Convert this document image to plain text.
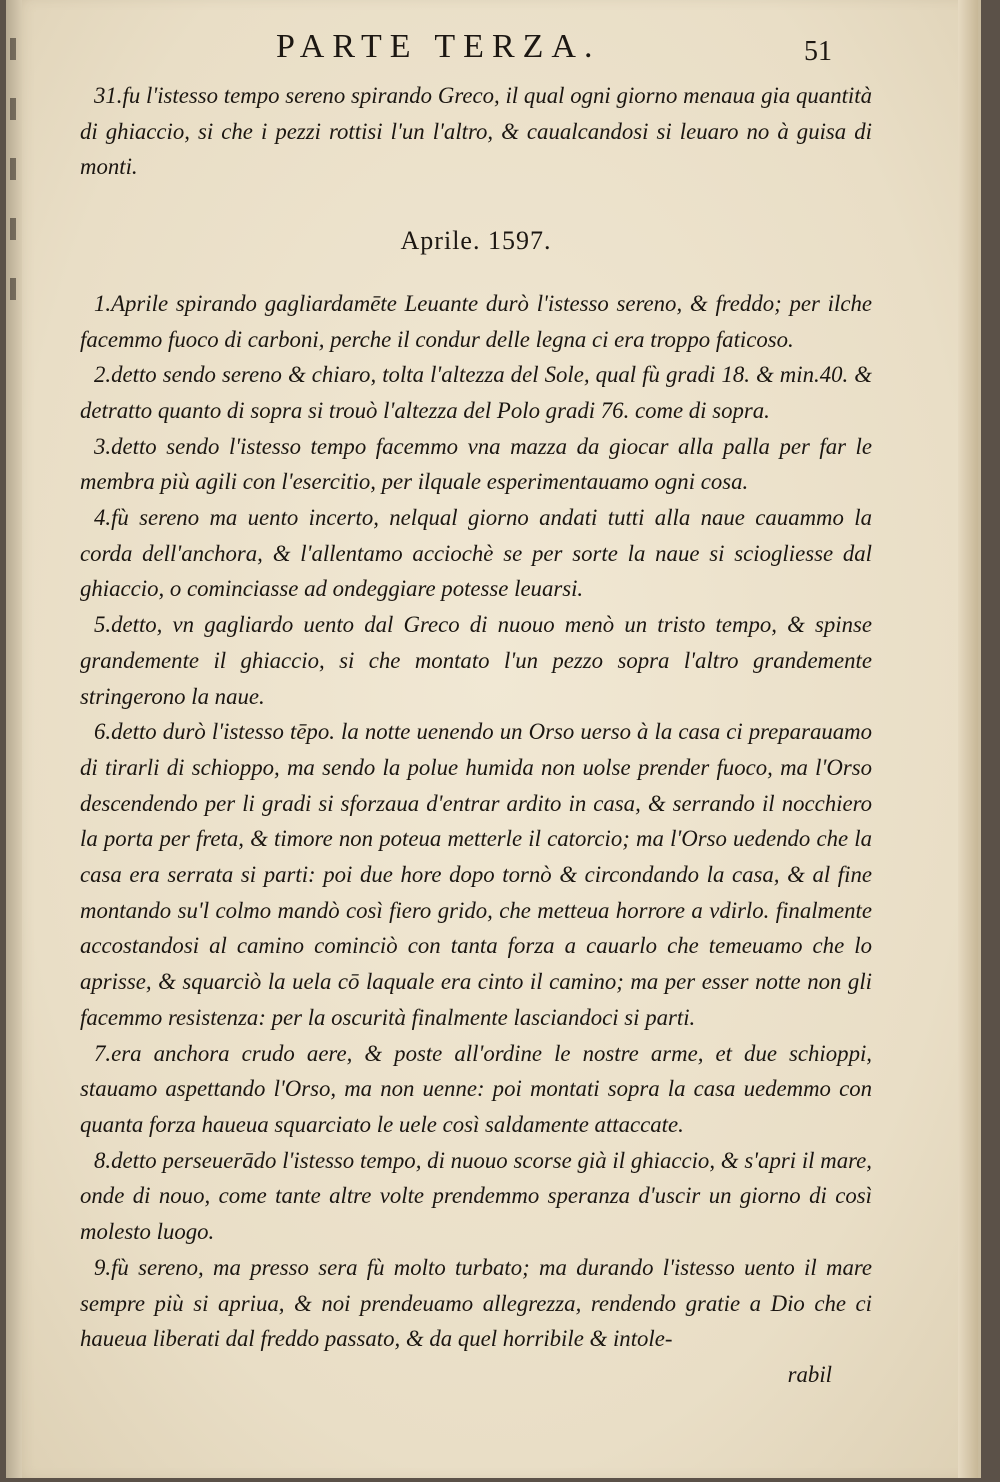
PARTE TERZA.	51

31.fu l'istesso tempo sereno spirando Greco, il qual ogni giorno menaua gia quantità di ghiaccio, si che i pezzi rottisi l'un l'altro, & caualcandosi si leuaro no à guisa di monti.

Aprile. 1597.

1.Aprile spirando gagliardamēte Leuante durò l'istesso sereno, & freddo; per ilche facemmo fuoco di carboni, perche il condur delle legna ci era troppo faticoso.

2.detto sendo sereno & chiaro, tolta l'altezza del Sole, qual fù gradi 18. & min.40. & detratto quanto di sopra si trouò l'altezza del Polo gradi 76. come di sopra.

3.detto sendo l'istesso tempo facemmo vna mazza da giocar alla palla per far le membra più agili con l'esercitio, per ilquale esperimentauamo ogni cosa.

4.fù sereno ma uento incerto, nelqual giorno andati tutti alla naue cauammo la corda dell'anchora, & l'allentamo acciochè se per sorte la naue si sciogliesse dal ghiaccio, o cominciasse ad ondeggiare potesse leuarsi.

5.detto, vn gagliardo uento dal Greco di nuouo menò un tristo tempo, & spinse grandemente il ghiaccio, si che montato l'un pezzo sopra l'altro grandemente stringerono la naue.

6.detto durò l'istesso tēpo. la notte uenendo un Orso uerso à la casa ci preparauamo di tirarli di schioppo, ma sendo la polue humida non uolse prender fuoco, ma l'Orso descendendo per li gradi si sforzaua d'entrar ardito in casa, & serrando il nocchiero la porta per freta, & timore non poteua metterle il catorcio; ma l'Orso uedendo che la casa era serrata si parti: poi due hore dopo tornò & circondando la casa, & al fine montando su'l colmo mandò così fiero grido, che metteua horrore a vdirlo. finalmente accostandosi al camino cominciò con tanta forza a cauarlo che temeuamo che lo aprisse, & squarciò la uela cō laquale era cinto il camino; ma per esser notte non gli facemmo resistenza: per la oscurità finalmente lasciandoci si parti.

7.era anchora crudo aere, & poste all'ordine le nostre arme, et due schioppi, stauamo aspettando l'Orso, ma non uenne: poi montati sopra la casa uedemmo con quanta forza haueua squarciato le uele così saldamente attaccate.

8.detto perseuerādo l'istesso tempo, di nuouo scorse già il ghiaccio, & s'apri il mare, onde di nouo, come tante altre volte prendemmo speranza d'uscir un giorno di così molesto luogo.

9.fù sereno, ma presso sera fù molto turbato; ma durando l'istesso uento il mare sempre più si apriua, & noi prendeuamo allegrezza, rendendo gratie a Dio che ci haueua liberati dal freddo passato, & da quel horribile & intole-

rabil
